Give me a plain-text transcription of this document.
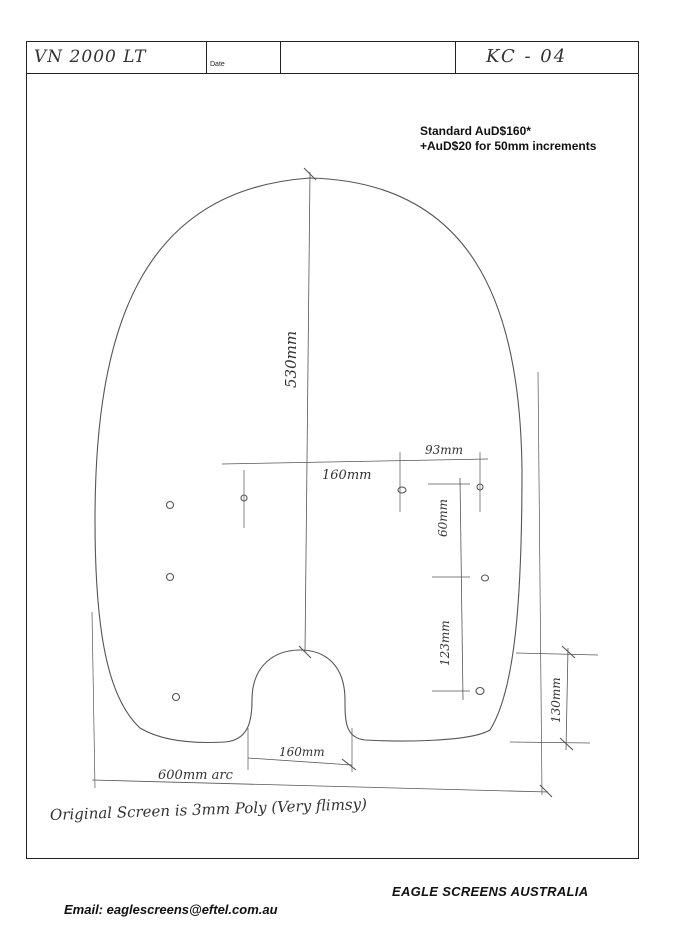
VN 2000 LT	Date	KC - 04
Standard AuD$160*
+AuD$20 for 50mm increments
530mm
160mm
93mm
60mm
123mm
130mm
160mm
600mm arc
Original Screen is 3mm Poly (Very flimsy)
EAGLE SCREENS AUSTRALIA
Email: eaglescreens@eftel.com.au
